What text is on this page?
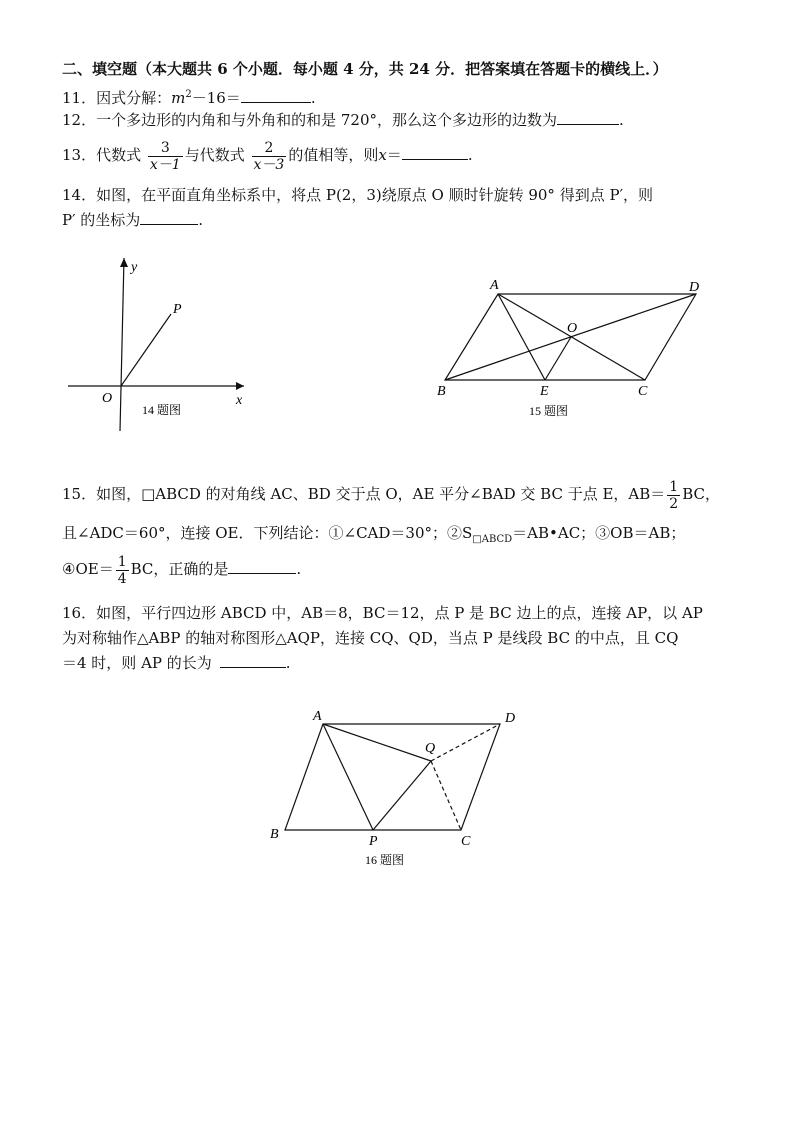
二、填空题（本大题共 6 个小题．每小题 4 分，共 24 分．把答案填在答题卡的横线上．）
11．因式分解：$m^2-16=$	.
12．一个多边形的内角和与外角和的和是 720°，那么这个多边形的边数为	.
13．代数式 $\frac{3}{x-1}$ 与代数式 $\frac{2}{x-3}$ 的值相等，则x＝	.
14．如图，在平面直角坐标系中，将点 P(2，3)绕原点 O 顺时针旋转 90° 得到点 P′，则
P′ 的坐标为	.
y
x
O
P
14 题图
A	D
O
B	E	C
15 题图
15．如图，□ABCD 的对角线 AC、BD 交于点 O，AE 平分∠BAD 交 BC 于点 E，$AB= \frac{1}{2}$ BC，
且∠ADC＝60°，连接 OE．下列结论：①∠CAD＝30°；$②S_{□ABCD}=AB•AC$；③OB＝AB；
④OE＝ $\frac{1}{4}$ BC，正确的是	.
16．如图，平行四边形 ABCD 中，AB＝8，BC＝12，点 P 是 BC 边上的点，连接 AP，以 AP
为对称轴作△ABP 的轴对称图形△AQP，连接 CQ、QD，当点 P 是线段 BC 的中点，且 CQ
＝4 时，则 AP 的长为	.
A	D
Q
B	P	C
16 题图
